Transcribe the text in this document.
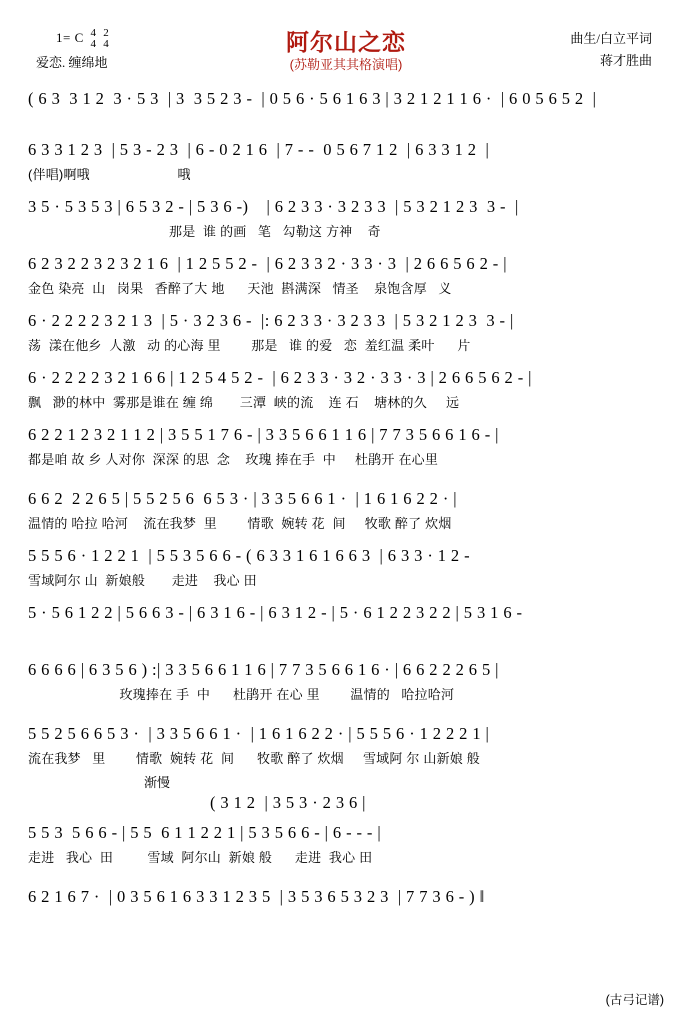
1= C 4
4

2
4
爱恋. 缠绵地
阿尔山之恋
(苏勒亚其其格演唱)
曲生/白立平词
蒋才胜曲
( 6 3  3 1 2  3 · 5 3  | 3  3 5 2 3 -  | 0 5 6 · 5 6 1 6 3 | 3 2 1 2 1 1 6 ·  | 6 0 5 6 5 2  |
6 3 3 1 2 3  | 5 3 - 2 3  | 6 - 0 2 1 6  | 7 - -  0 5 6 7 1 2  | 6 3 3 1 2  |
(伴唱)啊哦                       哦
3 5 · 5 3 5 3 | 6 5 3 2 - | 5 3 6 -)    | 6 2 3 3 · 3 2 3 3  | 5 3 2 1 2 3  3 -  |
那是  谁 的画   笔   勾勒这 方神    奇
6 2 3 2 2 3 2 3 2 1 6  | 1 2 5 5 2 -  | 6 2 3 3 2 · 3 3 · 3  | 2 6 6 5 6 2 - |
金色 染亮  山   岗果   香醉了大 地      天池  斟满深   情圣    泉饱含厚   义
6 · 2 2 2 2 3 2 1 3  | 5 · 3 2 3 6 -  |: 6 2 3 3 · 3 2 3 3  | 5 3 2 1 2 3  3 - |
荡  漾在他乡  人激   动 的心海 里        那是   谁 的爱   恋  羞红温 柔叶      片
6 · 2 2 2 2 3 2 1 6 6 | 1 2 5 4 5 2 -  | 6 2 3 3 · 3 2 · 3 3 · 3 | 2 6 6 5 6 2 - |
飘   渺的林中  雾那是谁在 缠 绵       三潭  峡的流    连 石    塘林的久     远
6 2 2 1 2 3 2 1 1 2 | 3 5 5 1 7 6 - | 3 3 5 6 6 1 1 6 | 7 7 3 5 6 6 1 6 - |
都是咱 故 乡 人对你  深深 的思  念    玫瑰 捧在手  中     杜鹃开 在心里
6 6 2  2 2 6 5 | 5 5 2 5 6  6 5 3 · | 3 3 5 6 6 1 ·  | 1 6 1 6 2 2 · |
温情的 哈拉 哈河    流在我梦  里        情歌  婉转 花  间     牧歌 醉了 炊烟
5 5 5 6 · 1 2 2 1  | 5 5 3 5 6 6 - ( 6 3 3 1 6 1 6 6 3  | 6 3 3 · 1 2 -
雪域阿尔 山  新娘般       走进    我心 田
5 · 5 6 1 2 2 | 5 6 6 3 - | 6 3 1 6 - | 6 3 1 2 - | 5 · 6 1 2 2 3 2 2 | 5 3 1 6 -
6 6 6 6 | 6 3 5 6 ) :| 3 3 5 6 6 1 1 6 | 7 7 3 5 6 6 1 6 · | 6 6 2 2 2 6 5 |
玫瑰捧在 手  中      杜鹃开 在心 里        温情的   哈拉哈河
5 5 2 5 6 6 5 3 ·  | 3 3 5 6 6 1 ·  | 1 6 1 6 2 2 · | 5 5 5 6 · 1 2 2 2 1 |
流在我梦   里        情歌  婉转 花  间      牧歌 醉了 炊烟     雪域阿 尔 山新娘 般
渐慢
( 3 1 2  | 3 5 3 · 2 3 6 |
5 5 3  5 6 6 - | 5 5  6 1 1 2 2 1 | 5 3 5 6 6 - | 6 - - - |
走进   我心  田         雪域  阿尔山  新娘 般      走进  我心 田
6 2 1 6 7 ·  | 0 3 5 6 1 6 3 3 1 2 3 5  | 3 5 3 6 5 3 2 3  | 7 7 3 6 - ) ‖
(古弓记谱)
